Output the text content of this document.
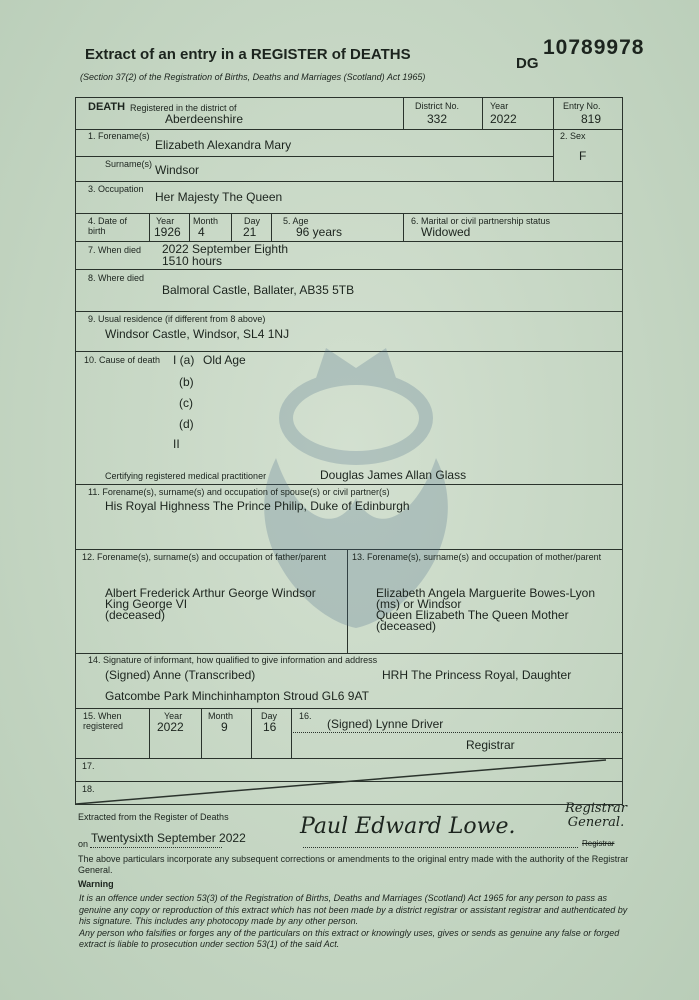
Extract of an entry in a REGISTER of DEATHS
(Section 37(2) of the Registration of Births, Deaths and Marriages (Scotland) Act 1965)
10789978
DG
DEATH Registered in the district of
Aberdeenshire
District No.
332
Year
2022
Entry No.
819
1. Forename(s)
Elizabeth Alexandra Mary
2. Sex
F
Surname(s) Windsor
3. Occupation
Her Majesty The Queen
4. Date of birth
Year
1926
Month
4
Day
21
5. Age
96 years
6. Marital or civil partnership status
Widowed
7. When died 2022 September Eighth
1510 hours
8. Where died
Balmoral Castle, Ballater, AB35 5TB
9. Usual residence (if different from 8 above)
Windsor Castle, Windsor, SL4 1NJ
10. Cause of death I (a) Old Age
(b)
(c)
(d)
II
Certifying registered medical practitioner	Douglas James Allan Glass
11. Forename(s), surname(s) and occupation of spouse(s) or civil partner(s)
His Royal Highness The Prince Philip, Duke of Edinburgh
12. Forename(s), surname(s) and occupation of father/parent
Albert Frederick Arthur George Windsor
King George VI
(deceased)
13. Forename(s), surname(s) and occupation of mother/parent
Elizabeth Angela Marguerite Bowes-Lyon
(ms) or Windsor
Queen Elizabeth The Queen Mother
(deceased)
14. Signature of informant, how qualified to give information and address
(Signed) Anne (Transcribed)	HRH The Princess Royal, Daughter
Gatcombe Park Minchinhampton Stroud GL6 9AT
15. When registered
Year
2022
Month
9
Day
16
16.
(Signed) Lynne Driver
Registrar
17.
18.
Extracted from the Register of Deaths
on Twentysixth September 2022 Paul Edward Lowe.
Registrar General.
Registrar
The above particulars incorporate any subsequent corrections or amendments to the original entry made with the authority of the Registrar General.
Warning
It is an offence under section 53(3) of the Registration of Births, Deaths and Marriages (Scotland) Act 1965 for any person to pass as genuine any copy or reproduction of this extract which has not been made by a district registrar or assistant registrar and authenticated by his signature. This includes any photocopy made by any other person.
Any person who falsifies or forges any of the particulars on this extract or knowingly uses, gives or sends as genuine any false or forged extract is liable to prosecution under section 53(1) of the said Act.
